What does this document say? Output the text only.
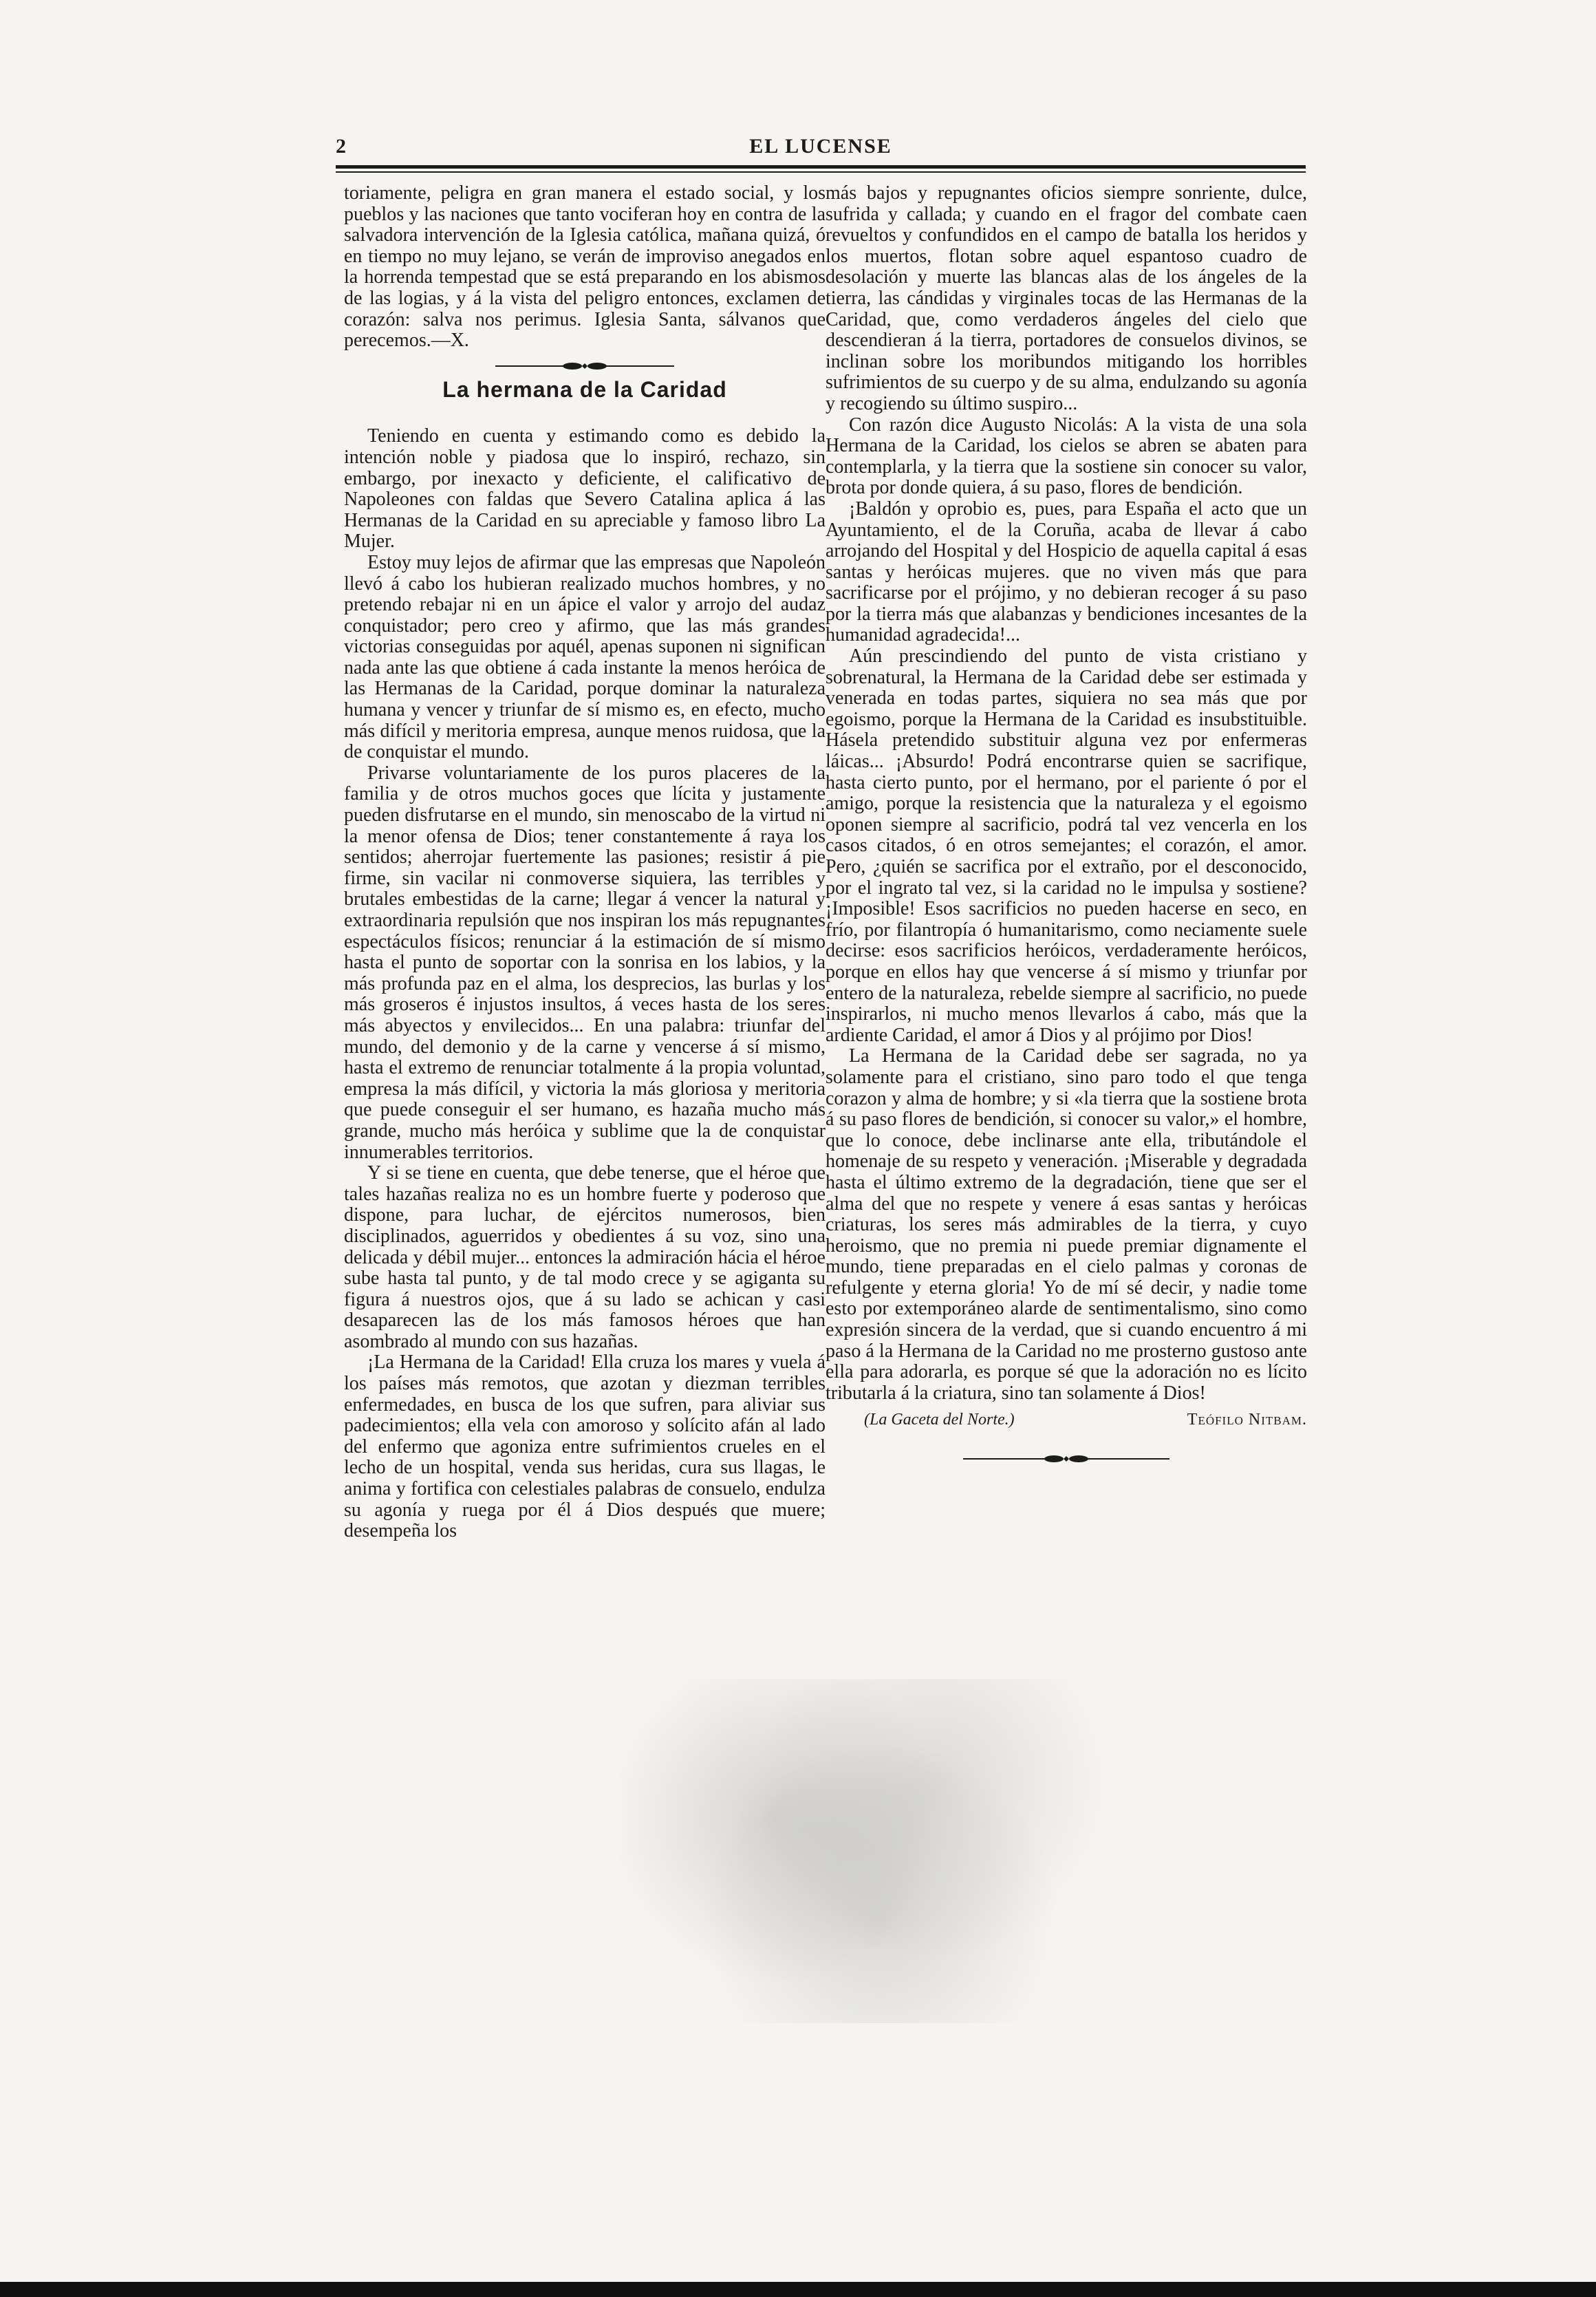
2	EL LUCENSE

toriamente, peligra en gran manera el estado social, y los pueblos y las naciones que tanto vociferan hoy en contra de la salvadora intervención de la Iglesia católica, mañana quizá, ó en tiempo no muy lejano, se verán de improviso anegados en la horrenda tempestad que se está preparando en los abismos de las logias, y á la vista del peligro entonces, exclamen de corazón: salva nos perimus. Iglesia Santa, sálvanos que perecemos.—X.

La hermana de la Caridad

Teniendo en cuenta y estimando como es debido la intención noble y piadosa que lo inspiró, rechazo, sin embargo, por inexacto y deficiente, el calificativo de Napoleones con faldas que Severo Catalina aplica á las Hermanas de la Caridad en su apreciable y famoso libro La Mujer.

Estoy muy lejos de afirmar que las empresas que Napoleón llevó á cabo los hubieran realizado muchos hombres, y no pretendo rebajar ni en un ápice el valor y arrojo del audaz conquistador; pero creo y afirmo, que las más grandes victorias conseguidas por aquél, apenas suponen ni significan nada ante las que obtiene á cada instante la menos heróica de las Hermanas de la Caridad, porque dominar la naturaleza humana y vencer y triunfar de sí mismo es, en efecto, mucho más difícil y meritoria empresa, aunque menos ruidosa, que la de conquistar el mundo.

Privarse voluntariamente de los puros placeres de la familia y de otros muchos goces que lícita y justamente pueden disfrutarse en el mundo, sin menoscabo de la virtud ni la menor ofensa de Dios; tener constantemente á raya los sentidos; aherrojar fuertemente las pasiones; resistir á pie firme, sin vacilar ni conmoverse siquiera, las terribles y brutales embestidas de la carne; llegar á vencer la natural y extraordinaria repulsión que nos inspiran los más repugnantes espectáculos físicos; renunciar á la estimación de sí mismo hasta el punto de soportar con la sonrisa en los labios, y la más profunda paz en el alma, los desprecios, las burlas y los más groseros é injustos insultos, á veces hasta de los seres más abyectos y envilecidos... En una palabra: triunfar del mundo, del demonio y de la carne y vencerse á sí mismo, hasta el extremo de renunciar totalmente á la propia voluntad, empresa la más difícil, y victoria la más gloriosa y meritoria que puede conseguir el ser humano, es hazaña mucho más grande, mucho más heróica y sublime que la de conquistar innumerables territorios.

Y si se tiene en cuenta, que debe tenerse, que el héroe que tales hazañas realiza no es un hombre fuerte y poderoso que dispone, para luchar, de ejércitos numerosos, bien disciplinados, aguerridos y obedientes á su voz, sino una delicada y débil mujer... entonces la admiración hácia el héroe sube hasta tal punto, y de tal modo crece y se agiganta su figura á nuestros ojos, que á su lado se achican y casi desaparecen las de los más famosos héroes que han asombrado al mundo con sus hazañas.

¡La Hermana de la Caridad! Ella cruza los mares y vuela á los países más remotos, que azotan y diezman terribles enfermedades, en busca de los que sufren, para aliviar sus padecimientos; ella vela con amoroso y solícito afán al lado del enfermo que agoniza entre sufrimientos crueles en el lecho de un hospital, venda sus heridas, cura sus llagas, le anima y fortifica con celestiales palabras de consuelo, endulza su agonía y ruega por él á Dios después que muere; desempeña los

más bajos y repugnantes oficios siempre sonriente, dulce, sufrida y callada; y cuando en el fragor del combate caen revueltos y confundidos en el campo de batalla los heridos y los muertos, flotan sobre aquel espantoso cuadro de desolación y muerte las blancas alas de los ángeles de la tierra, las cándidas y virginales tocas de las Hermanas de la Caridad, que, como verdaderos ángeles del cielo que descendieran á la tierra, portadores de consuelos divinos, se inclinan sobre los moribundos mitigando los horribles sufrimientos de su cuerpo y de su alma, endulzando su agonía y recogiendo su último suspiro...

Con razón dice Augusto Nicolás: A la vista de una sola Hermana de la Caridad, los cielos se abren se abaten para contemplarla, y la tierra que la sostiene sin conocer su valor, brota por donde quiera, á su paso, flores de bendición.

¡Baldón y oprobio es, pues, para España el acto que un Ayuntamiento, el de la Coruña, acaba de llevar á cabo arrojando del Hospital y del Hospicio de aquella capital á esas santas y heróicas mujeres. que no viven más que para sacrificarse por el prójimo, y no debieran recoger á su paso por la tierra más que alabanzas y bendiciones incesantes de la humanidad agradecida!...

Aún prescindiendo del punto de vista cristiano y sobrenatural, la Hermana de la Caridad debe ser estimada y venerada en todas partes, siquiera no sea más que por egoismo, porque la Hermana de la Caridad es insubstituible. Hásela pretendido substituir alguna vez por enfermeras láicas... ¡Absurdo! Podrá encontrarse quien se sacrifique, hasta cierto punto, por el hermano, por el pariente ó por el amigo, porque la resistencia que la naturaleza y el egoismo oponen siempre al sacrificio, podrá tal vez vencerla en los casos citados, ó en otros semejantes; el corazón, el amor. Pero, ¿quién se sacrifica por el extraño, por el desconocido, por el ingrato tal vez, si la caridad no le impulsa y sostiene? ¡Imposible! Esos sacrificios no pueden hacerse en seco, en frío, por filantropía ó humanitarismo, como neciamente suele decirse: esos sacrificios heróicos, verdaderamente heróicos, porque en ellos hay que vencerse á sí mismo y triunfar por entero de la naturaleza, rebelde siempre al sacrificio, no puede inspirarlos, ni mucho menos llevarlos á cabo, más que la ardiente Caridad, el amor á Dios y al prójimo por Dios!

La Hermana de la Caridad debe ser sagrada, no ya solamente para el cristiano, sino paro todo el que tenga corazon y alma de hombre; y si «la tierra que la sostiene brota á su paso flores de bendición, si conocer su valor,» el hombre, que lo conoce, debe inclinarse ante ella, tributándole el homenaje de su respeto y veneración. ¡Miserable y degradada hasta el último extremo de la degradación, tiene que ser el alma del que no respete y venere á esas santas y heróicas criaturas, los seres más admirables de la tierra, y cuyo heroismo, que no premia ni puede premiar dignamente el mundo, tiene preparadas en el cielo palmas y coronas de refulgente y eterna gloria! Yo de mí sé decir, y nadie tome esto por extemporáneo alarde de sentimentalismo, sino como expresión sincera de la verdad, que si cuando encuentro á mi paso á la Hermana de la Caridad no me prosterno gustoso ante ella para adorarla, es porque sé que la adoración no es lícito tributarla á la criatura, sino tan solamente á Dios!

(La Gaceta del Norte.)	Teófilo Nitbam.
